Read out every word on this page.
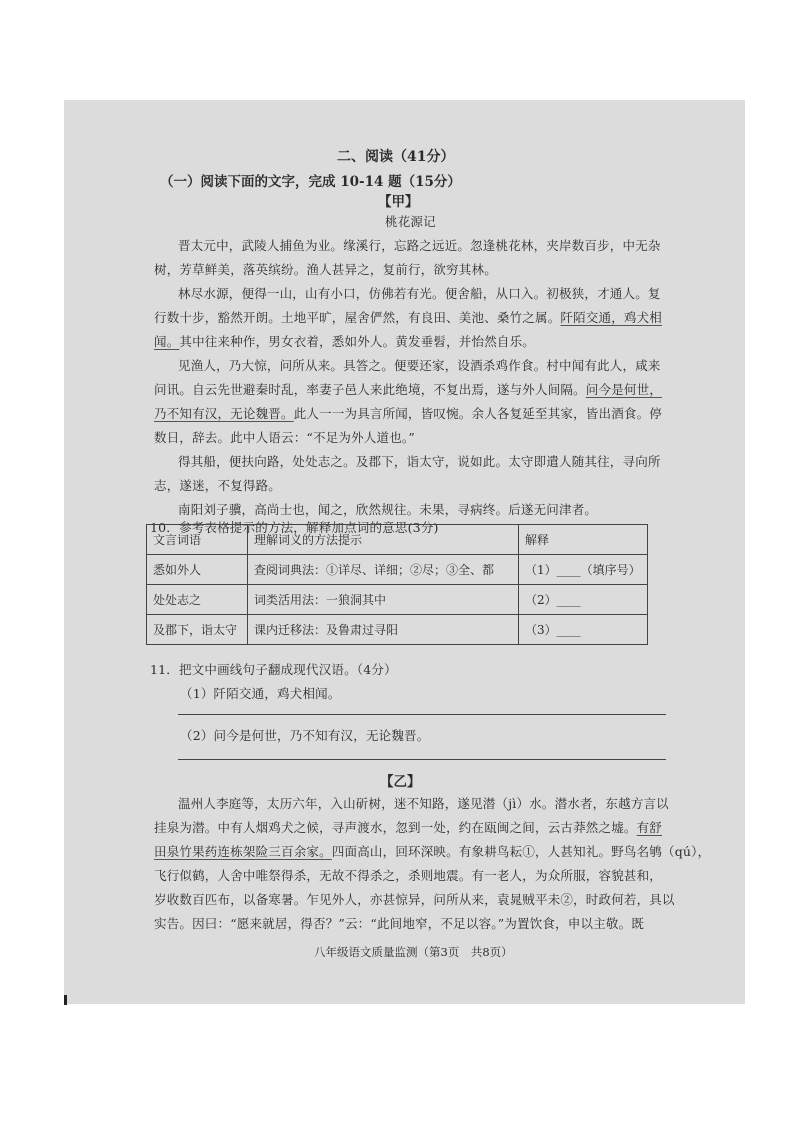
二、阅读（41分）
（一）阅读下面的文字，完成 10-14 题（15分）
【甲】
桃花源记
晋太元中，武陵人捕鱼为业。缘溪行，忘路之远近。忽逢桃花林，夹岸数百步，中无杂
树，芳草鲜美，落英缤纷。渔人甚异之，复前行，欲穷其林。
林尽水源，便得一山，山有小口，仿佛若有光。便舍船，从口入。初极狭，才通人。复
行数十步，豁然开朗。土地平旷，屋舍俨然，有良田、美池、桑竹之属。阡陌交通，鸡犬相
闻。其中往来种作，男女衣着，悉如外人。黄发垂髫，并怡然自乐。
见渔人，乃大惊，问所从来。具答之。便要还家，设酒杀鸡作食。村中闻有此人，咸来
问讯。自云先世避秦时乱，率妻子邑人来此绝境，不复出焉，遂与外人间隔。问今是何世，
乃不知有汉，无论魏晋。此人一一为具言所闻，皆叹惋。余人各复延至其家，皆出酒食。停
数日，辞去。此中人语云：“不足为外人道也。”
得其船，便扶向路，处处志之。及郡下，诣太守，说如此。太守即遣人随其往，寻向所
志，遂迷，不复得路。
南阳刘子骥，高尚士也，闻之，欣然规往。未果，寻病终。后遂无问津者。
10．参考表格提示的方法，解释加点词的意思(3分)
文言词语	理解词义的方法提示	解释
悉如外人	查阅词典法：①详尽、详细；②尽；③全、都	（1）____（填序号）
处处志之	词类活用法：一狼洞其中	（2）____
及郡下，诣太守	课内迁移法：及鲁肃过寻阳	（3）____
11．把文中画线句子翻成现代汉语。（4分）
（1）阡陌交通，鸡犬相闻。
（2）问今是何世，乃不知有汉，无论魏晋。
【乙】
温州人李庭等，太历六年，入山斫树，迷不知路，遂见潜（jì）水。潜水者，东越方言以
挂泉为潜。中有人烟鸡犬之候，寻声渡水，忽到一处，约在瓯闽之间，云古莽然之墟。有舒
田泉竹果药连栋架险三百余家。四面高山，回环深映。有象耕鸟耘①，人甚知礼。野鸟名鸲（qú），
飞行似鹤，人舍中唯祭得杀，无故不得杀之，杀则地震。有一老人，为众所服，容貌甚和，
岁收数百匹布，以备寒暑。乍见外人，亦甚惊异，问所从来，袁晁贼平未②，时政何若，具以
实告。因曰：“愿来就居，得否？”云：“此间地窄，不足以容。”为置饮食，申以主敬。既
八年级语文质量监测（第3页　共8页）
